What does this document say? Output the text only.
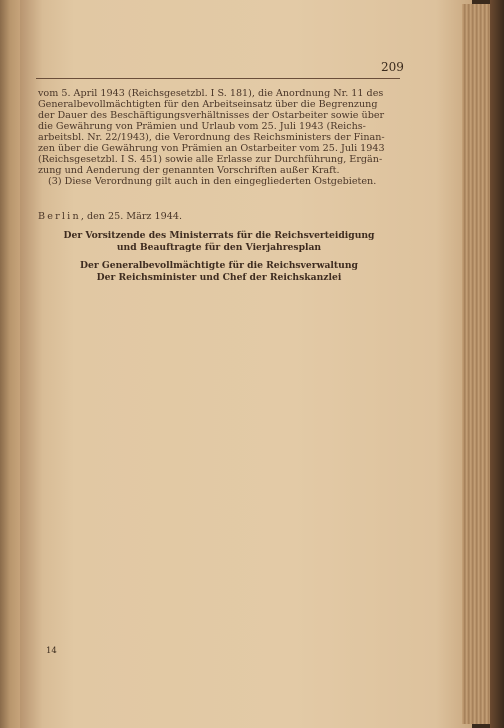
209

vom 5. April 1943 (Reichsgesetzbl. I S. 181), die Anordnung Nr. 11 des

Generalbevollmächtigten für den Arbeitseinsatz über die Begrenzung

der Dauer des Beschäftigungsverhältnisses der Ostarbeiter sowie über

die Gewährung von Prämien und Urlaub vom 25. Juli 1943 (Reichs-

arbeitsbl. Nr. 22/1943), die Verordnung des Reichsministers der Finan-

zen über die Gewährung von Prämien an Ostarbeiter vom 25. Juli 1943

(Reichsgesetzbl. I S. 451) sowie alle Erlasse zur Durchführung, Ergän-

zung und Aenderung der genannten Vorschriften außer Kraft.

(3) Diese Verordnung gilt auch in den eingegliederten Ostgebieten.

Berlin, den 25. März 1944.
Der Vorsitzende des Ministerrats für die Reichsverteidigung
und Beauftragte für den Vierjahresplan
Der Generalbevollmächtigte für die Reichsverwaltung
Der Reichsminister und Chef der Reichskanzlei
14
